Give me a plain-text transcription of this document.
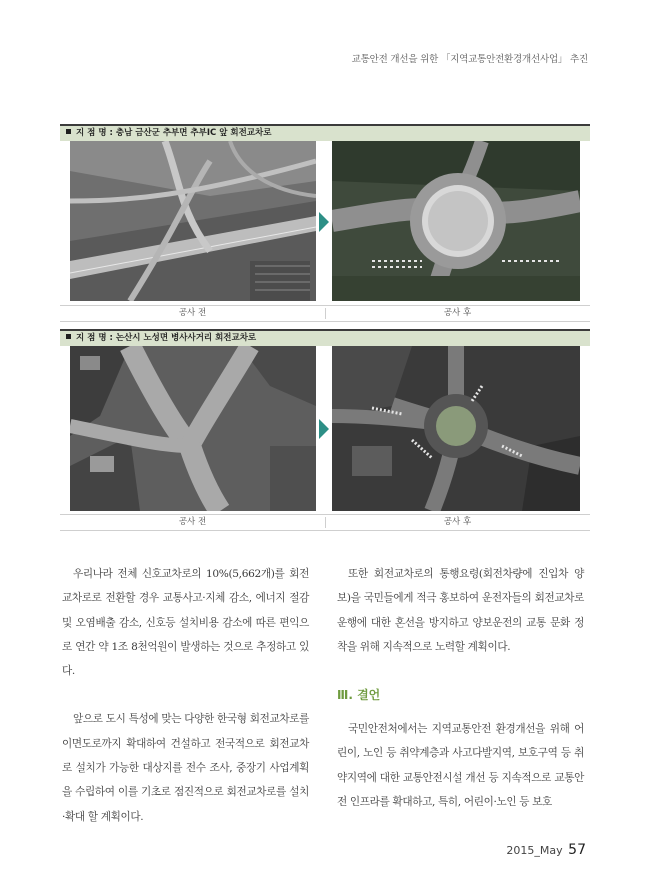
교통안전 개선을 위한 「지역교통안전환경개선사업」 추진
지 점 명 : 충남 금산군 추부면 추부IC 앞 회전교차로
공사 전	공사 후
지 점 명 : 논산시 노성면 병사사거리 회전교차로
공사 전	공사 후

우리나라 전체 신호교차로의 10%(5,662개)를 회전교차로로 전환할 경우 교통사고·지체 감소, 에너지 절감 및 오염배출 감소, 신호등 설치비용 감소에 따른 편익으로 연간 약 1조 8천억원이 발생하는 것으로 추정하고 있다.

앞으로 도시 특성에 맞는 다양한 한국형 회전교차로를 이면도로까지 확대하여 건설하고 전국적으로 회전교차로 설치가 가능한 대상지를 전수 조사, 중장기 사업계획을 수립하여 이를 기초로 점진적으로 회전교차로를 설치·확대 할 계획이다.

또한 회전교차로의 통행요령(회전차량에 진입차 양보)을 국민들에게 적극 홍보하여 운전자들의 회전교차로 운행에 대한 혼선을 방지하고 양보운전의 교통 문화 정착을 위해 지속적으로 노력할 계획이다.

Ⅲ. 결언

국민안전처에서는 지역교통안전 환경개선을 위해 어린이, 노인 등 취약계층과 사고다발지역, 보호구역 등 취약지역에 대한 교통안전시설 개선 등 지속적으로 교통안전 인프라를 확대하고, 특히, 어린이·노인 등 보호

2015_May 57
